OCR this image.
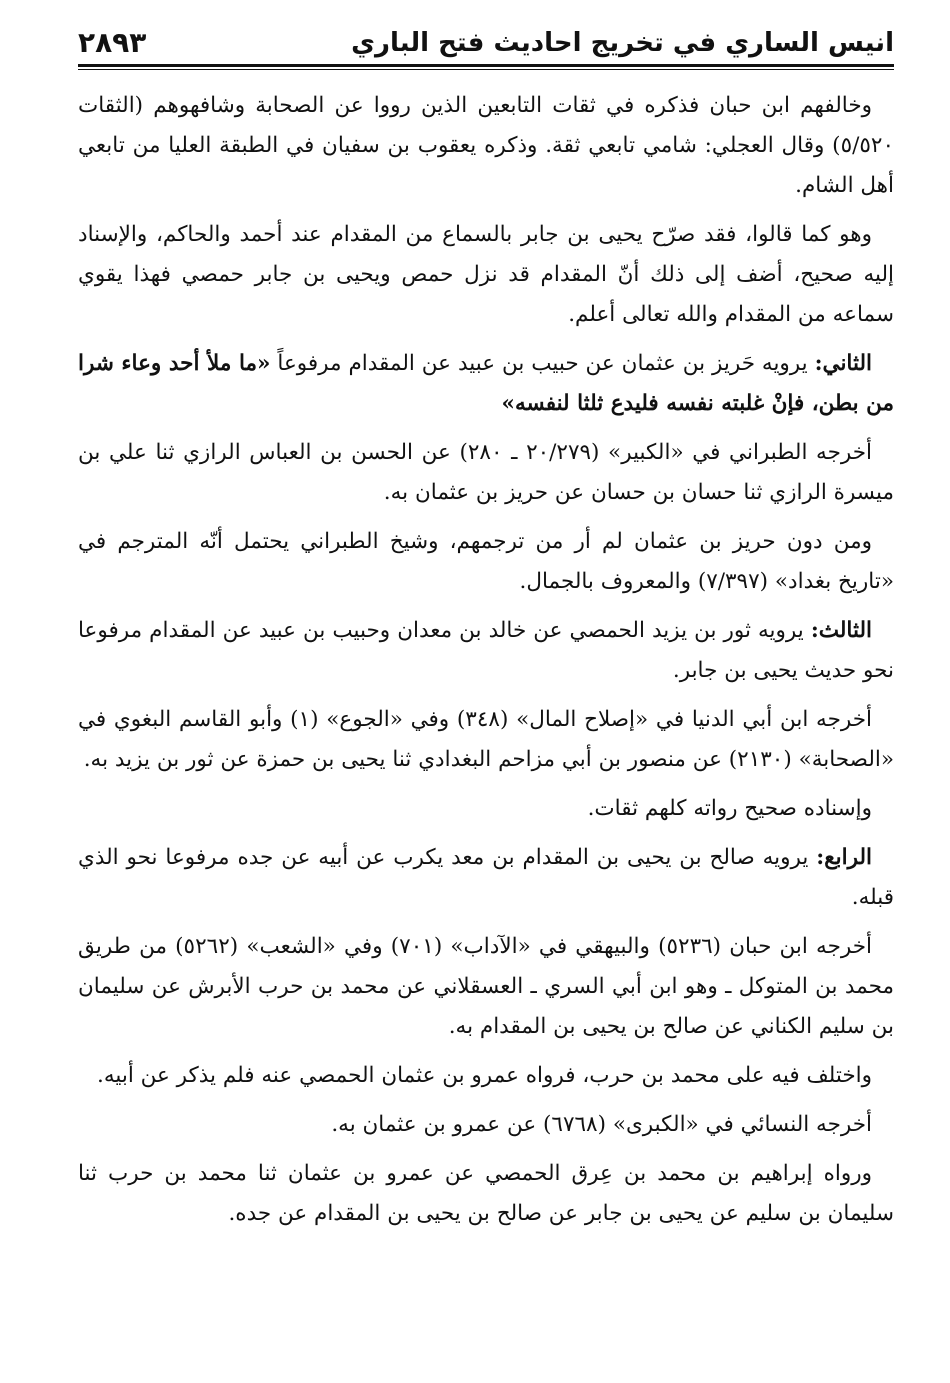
انيس الساري في تخريج احاديث فتح الباري
٢٨٩٣

وخالفهم ابن حبان فذكره في ثقات التابعين الذين رووا عن الصحابة وشافهوهم (الثقات ٥/٥٢٠) وقال العجلي: شامي تابعي ثقة. وذكره يعقوب بن سفيان في الطبقة العليا من تابعي أهل الشام.

وهو كما قالوا، فقد صرّح يحيى بن جابر بالسماع من المقدام عند أحمد والحاكم، والإسناد إليه صحيح، أضف إلى ذلك أنّ المقدام قد نزل حمص ويحيى بن جابر حمصي فهذا يقوي سماعه من المقدام والله تعالى أعلم.

الثاني: يرويه حَريز بن عثمان عن حبيب بن عبيد عن المقدام مرفوعاً «ما ملأ أحد وعاء شرا من بطن، فإنْ غلبته نفسه فليدع ثلثا لنفسه»

أخرجه الطبراني في «الكبير» (٢٠/٢٧٩ ـ ٢٨٠) عن الحسن بن العباس الرازي ثنا علي بن ميسرة الرازي ثنا حسان بن حسان عن حريز بن عثمان به.

ومن دون حريز بن عثمان لم أر من ترجمهم، وشيخ الطبراني يحتمل أنّه المترجم في «تاريخ بغداد» (٧/٣٩٧) والمعروف بالجمال.

الثالث: يرويه ثور بن يزيد الحمصي عن خالد بن معدان وحبيب بن عبيد عن المقدام مرفوعا نحو حديث يحيى بن جابر.

أخرجه ابن أبي الدنيا في «إصلاح المال» (٣٤٨) وفي «الجوع» (١) وأبو القاسم البغوي في «الصحابة» (٢١٣٠) عن منصور بن أبي مزاحم البغدادي ثنا يحيى بن حمزة عن ثور بن يزيد به.

وإسناده صحيح رواته كلهم ثقات.

الرابع: يرويه صالح بن يحيى بن المقدام بن معد يكرب عن أبيه عن جده مرفوعا نحو الذي قبله.

أخرجه ابن حبان (٥٢٣٦) والبيهقي في «الآداب» (٧٠١) وفي «الشعب» (٥٢٦٢) من طريق محمد بن المتوكل ـ وهو ابن أبي السري ـ العسقلاني عن محمد بن حرب الأبرش عن سليمان بن سليم الكناني عن صالح بن يحيى بن المقدام به.

واختلف فيه على محمد بن حرب، فرواه عمرو بن عثمان الحمصي عنه فلم يذكر عن أبيه.

أخرجه النسائي في «الكبرى» (٦٧٦٨) عن عمرو بن عثمان به.

ورواه إبراهيم بن محمد بن عِرق الحمصي عن عمرو بن عثمان ثنا محمد بن حرب ثنا سليمان بن سليم عن يحيى بن جابر عن صالح بن يحيى بن المقدام عن جده.
